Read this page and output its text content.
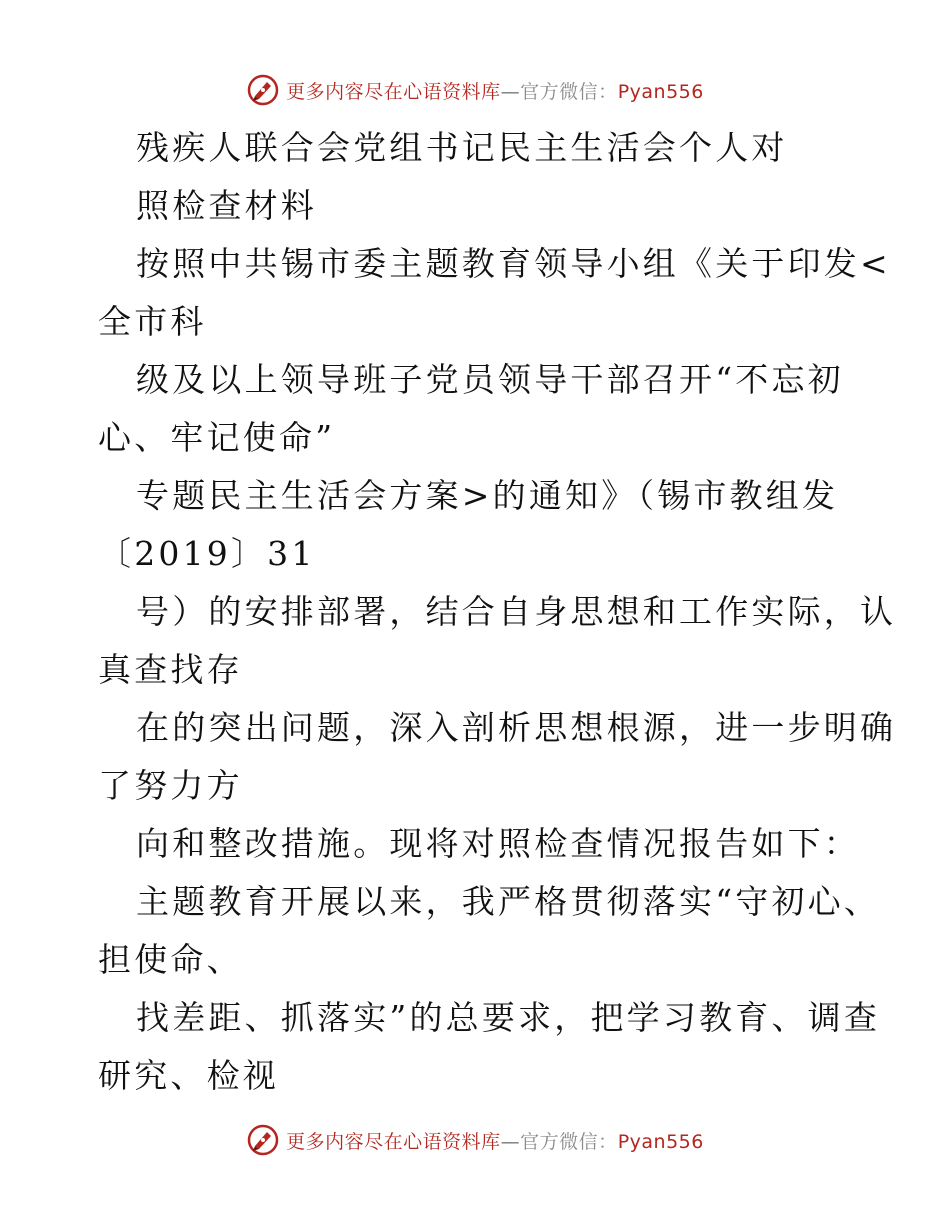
更多内容尽在心语资料库—官方微信：Pyan556
残疾人联合会党组书记民主生活会个人对
照检查材料
按照中共锡市委主题教育领导小组《关于印发<
全市科
级及以上领导班子党员领导干部召开“不忘初
心、牢记使命”
专题民主生活会方案>的通知》（锡市教组发
〔2019〕31
号）的安排部署，结合自身思想和工作实际，认
真查找存
在的突出问题，深入剖析思想根源，进一步明确
了努力方
向和整改措施。现将对照检查情况报告如下：
主题教育开展以来，我严格贯彻落实“守初心、
担使命、
找差距、抓落实”的总要求，把学习教育、调查
研究、检视
更多内容尽在心语资料库—官方微信：Pyan556
